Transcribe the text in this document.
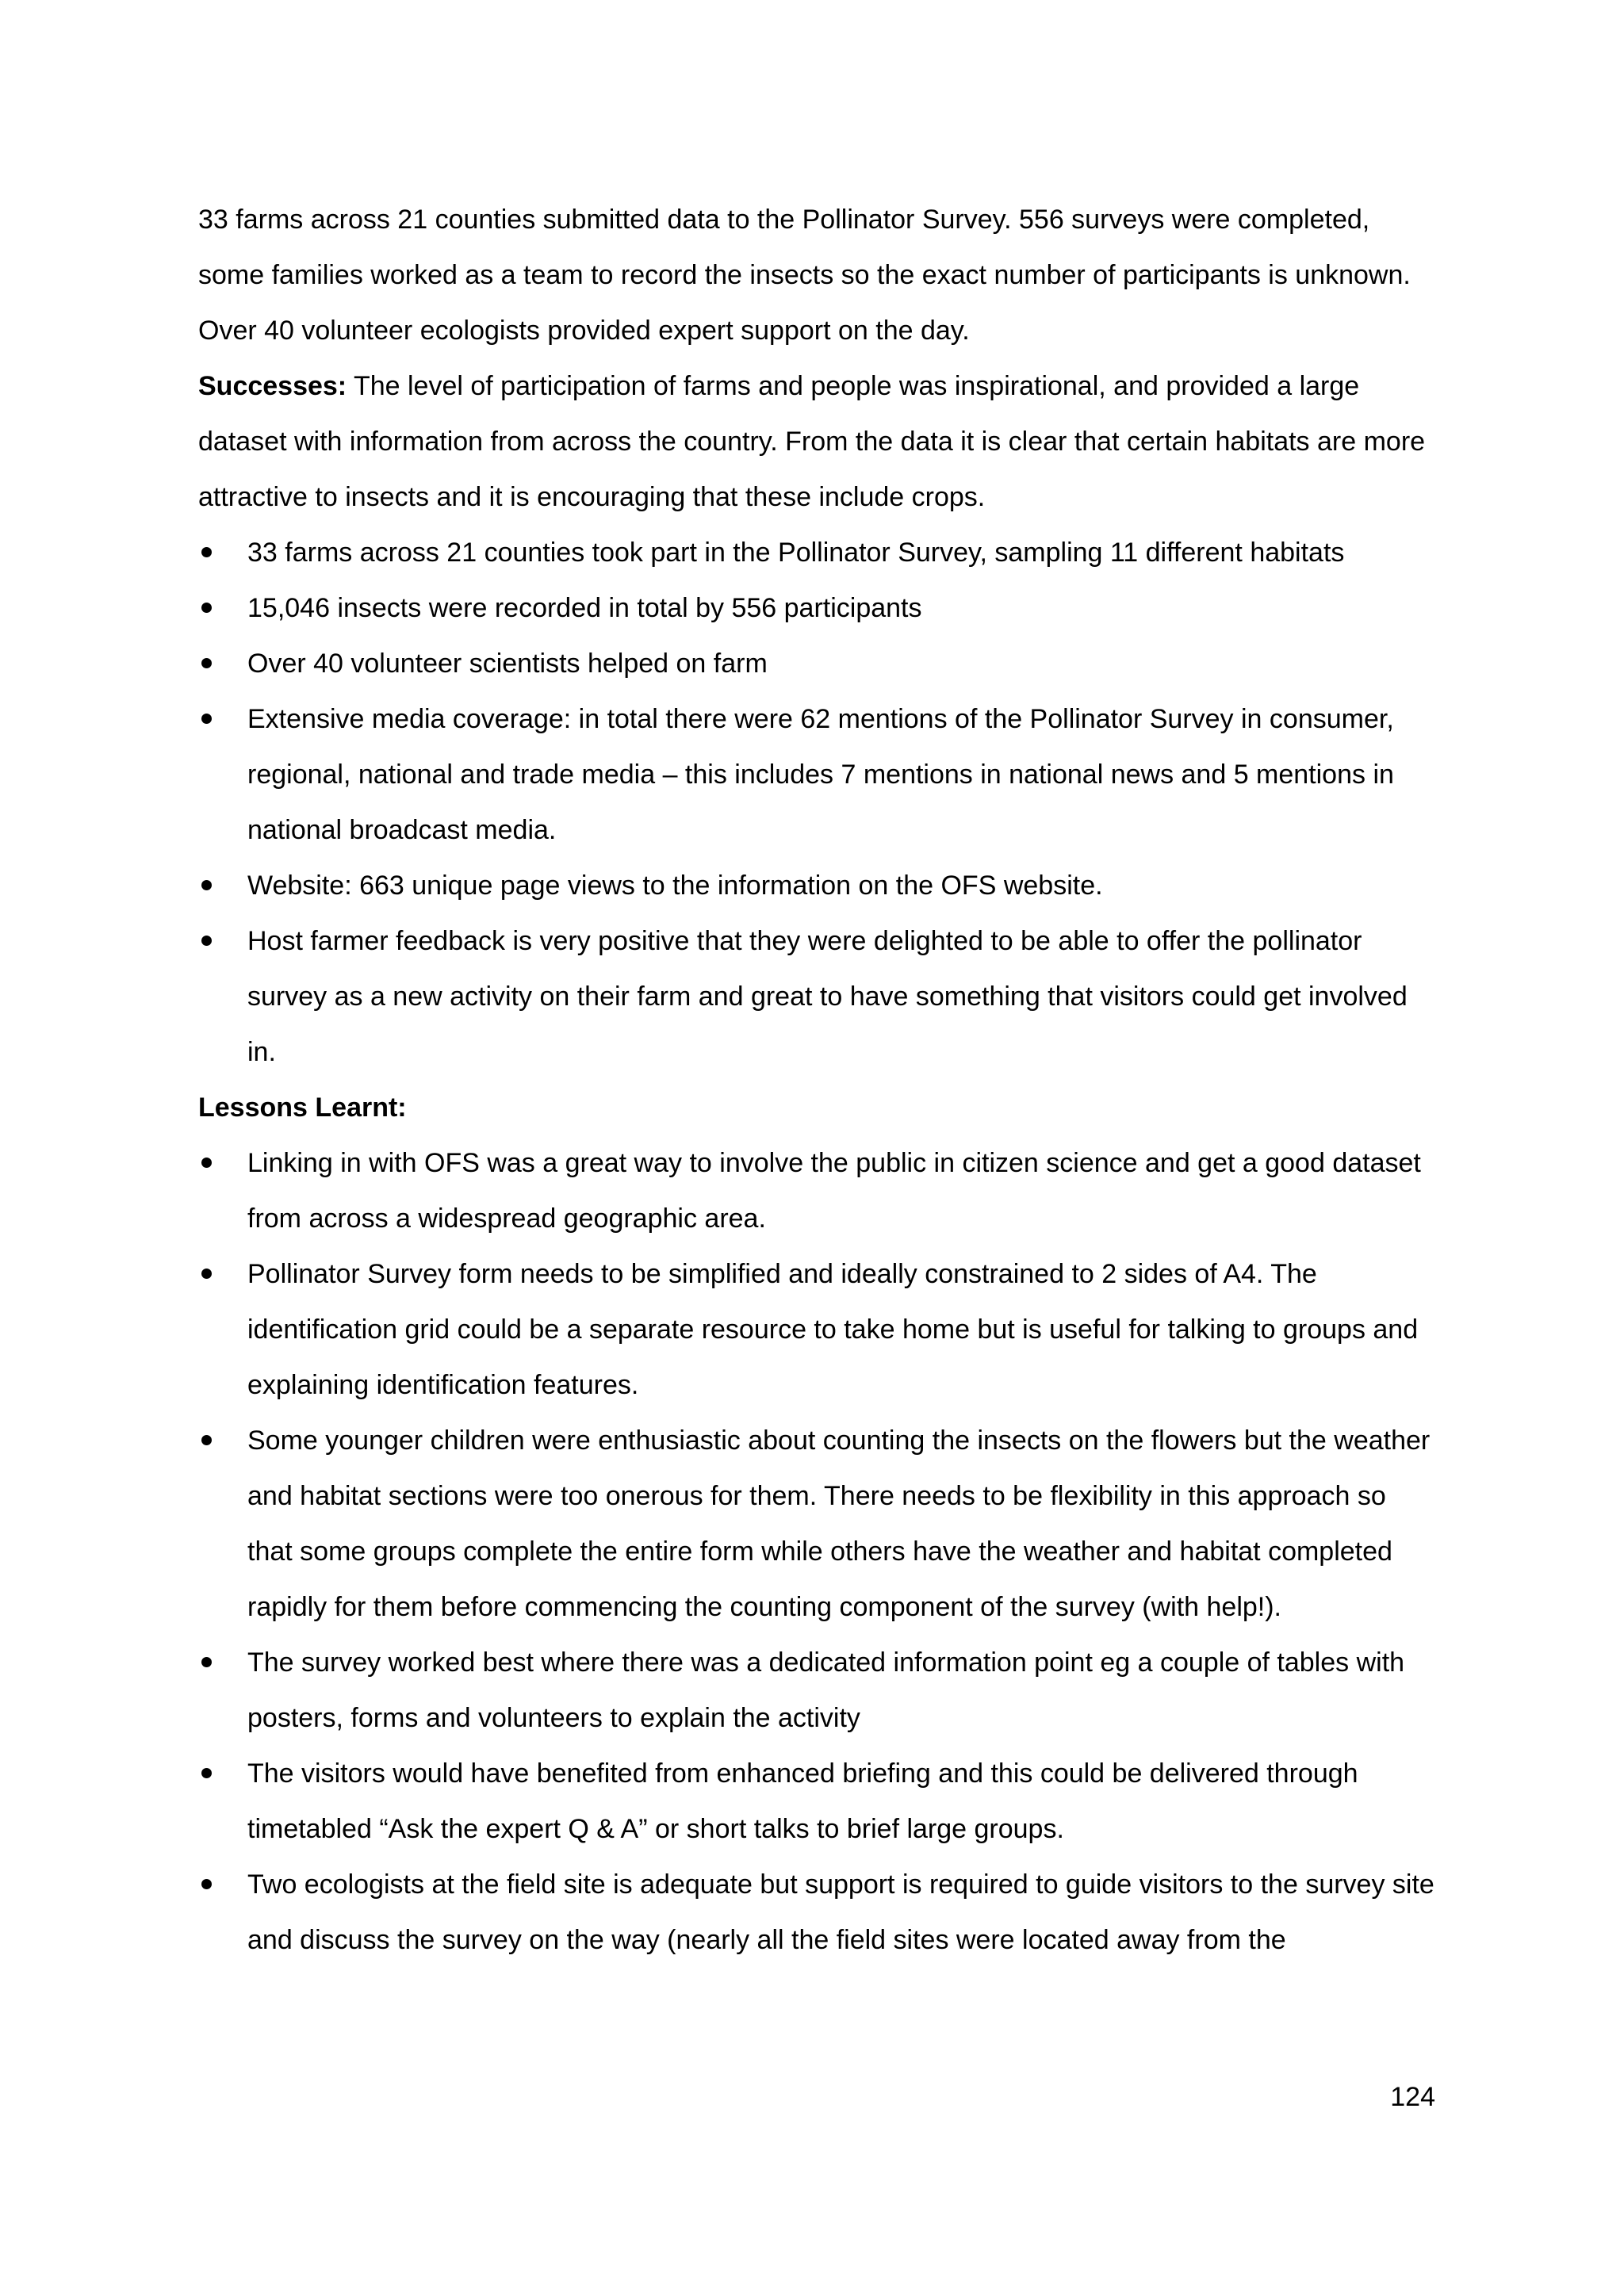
33 farms across 21 counties submitted data to the Pollinator Survey. 556 surveys were completed, some families worked as a team to record the insects so the exact number of participants is unknown. Over 40 volunteer ecologists provided expert support on the day.

Successes: The level of participation of farms and people was inspirational, and provided a large dataset with information from across the country. From the data it is clear that certain habitats are more attractive to insects and it is encouraging that these include crops.

33 farms across 21 counties took part in the Pollinator Survey, sampling 11 different habitats
15,046 insects were recorded in total by 556 participants
Over 40 volunteer scientists helped on farm
Extensive media coverage: in total there were 62 mentions of the Pollinator Survey in consumer, regional, national and trade media – this includes 7 mentions in national news and 5 mentions in national broadcast media.
Website: 663 unique page views to the information on the OFS website.
Host farmer feedback is very positive that they were delighted to be able to offer the pollinator survey as a new activity on their farm and great to have something that visitors could get involved in.

Lessons Learnt:

Linking in with OFS was a great way to involve the public in citizen science and get a good dataset from across a widespread geographic area.
Pollinator Survey form needs to be simplified and ideally constrained to 2 sides of A4. The identification grid could be a separate resource to take home but is useful for talking to groups and explaining identification features.
Some younger children were enthusiastic about counting the insects on the flowers but the weather and habitat sections were too onerous for them. There needs to be flexibility in this approach so that some groups complete the entire form while others have the weather and habitat completed rapidly for them before commencing the counting component of the survey (with help!).
The survey worked best where there was a dedicated information point eg a couple of tables with posters, forms and volunteers to explain the activity
The visitors would have benefited from enhanced briefing and this could be delivered through timetabled “Ask the expert Q & A” or short talks to brief large groups.
Two ecologists at the field site is adequate but support is required to guide visitors to the survey site and discuss the survey on the way (nearly all the field sites were located away from the
124
